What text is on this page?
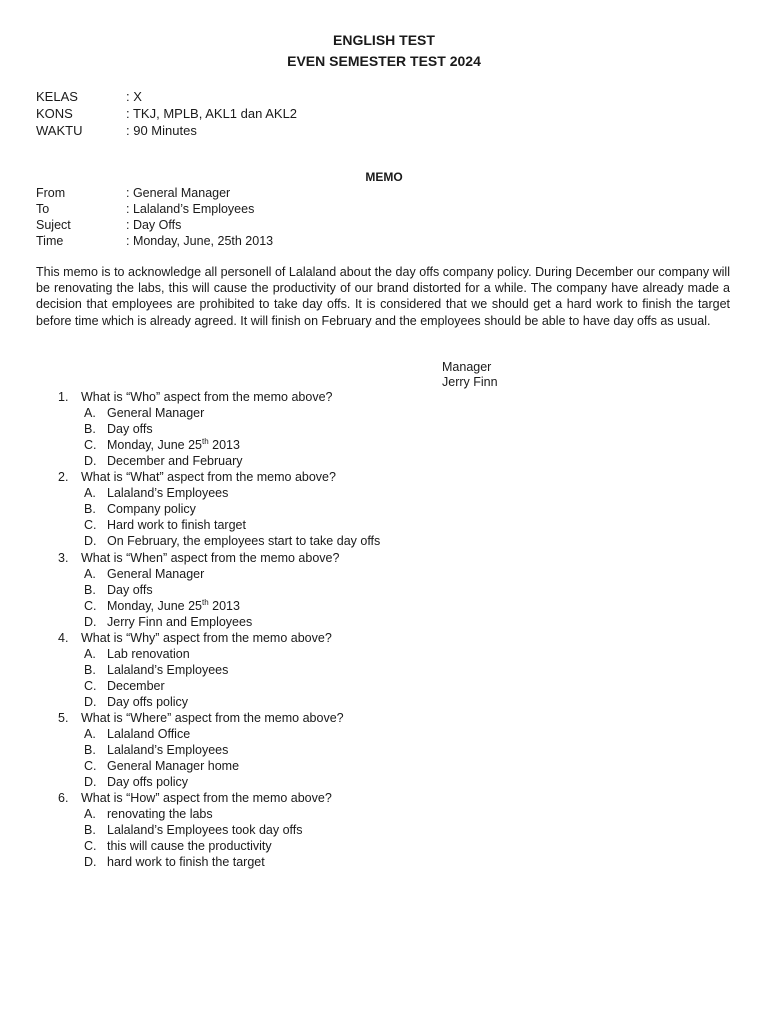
ENGLISH TEST
EVEN SEMESTER TEST 2024
KELAS	: X
KONS	: TKJ, MPLB, AKL1 dan AKL2
WAKTU	: 90 Minutes
MEMO
From	: General Manager
To	: Lalaland’s Employees
Suject	: Day Offs
Time	: Monday, June, 25th 2013
This memo is to acknowledge all personell of Lalaland about the day offs company policy. During December our company will be renovating the labs, this will cause the productivity of our brand distorted for a while. The company have already made a decision that employees are prohibited to take day offs. It is considered that we should get a hard work to finish the target before time which is already agreed. It will finish on February and the employees should be able to have day offs as usual.
Manager
Jerry Finn
1. What is “Who” aspect from the memo above?
A. General Manager
B. Day offs
C. Monday, June 25th 2013
D. December and February
2. What is “What” aspect from the memo above?
A. Lalaland’s Employees
B. Company policy
C. Hard work to finish target
D. On February, the employees start to take day offs
3. What is “When” aspect from the memo above?
A. General Manager
B. Day offs
C. Monday, June 25th 2013
D. Jerry Finn and Employees
4. What is “Why” aspect from the memo above?
A. Lab renovation
B. Lalaland’s Employees
C. December
D. Day offs policy
5. What is “Where” aspect from the memo above?
A. Lalaland Office
B. Lalaland’s Employees
C. General Manager home
D. Day offs policy
6. What is “How” aspect from the memo above?
A. renovating the labs
B. Lalaland’s Employees took day offs
C. this will cause the productivity
D. hard work to finish the target
